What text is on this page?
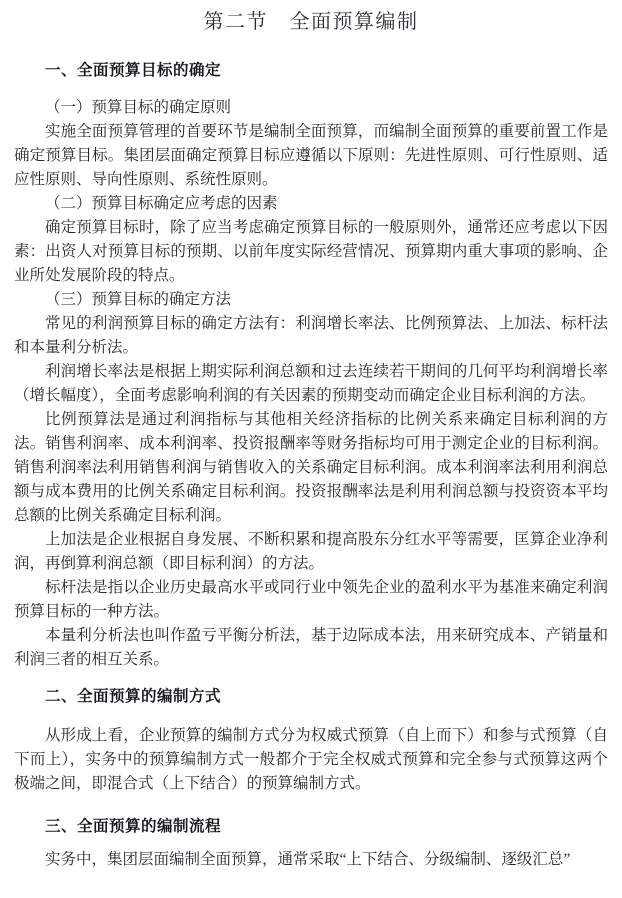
第二节　全面预算编制
一、全面预算目标的确定

（一）预算目标的确定原则

实施全面预算管理的首要环节是编制全面预算，而编制全面预算的重要前置工作是确定预算目标。集团层面确定预算目标应遵循以下原则：先进性原则、可行性原则、适应性原则、导向性原则、系统性原则。

（二）预算目标确定应考虑的因素

确定预算目标时，除了应当考虑确定预算目标的一般原则外，通常还应考虑以下因素：出资人对预算目标的预期、以前年度实际经营情况、预算期内重大事项的影响、企业所处发展阶段的特点。

（三）预算目标的确定方法

常见的利润预算目标的确定方法有：利润增长率法、比例预算法、上加法、标杆法和本量利分析法。

利润增长率法是根据上期实际利润总额和过去连续若干期间的几何平均利润增长率（增长幅度），全面考虑影响利润的有关因素的预期变动而确定企业目标利润的方法。

比例预算法是通过利润指标与其他相关经济指标的比例关系来确定目标利润的方法。销售利润率、成本利润率、投资报酬率等财务指标均可用于测定企业的目标利润。销售利润率法利用销售利润与销售收入的关系确定目标利润。成本利润率法利用利润总额与成本费用的比例关系确定目标利润。投资报酬率法是利用利润总额与投资资本平均总额的比例关系确定目标利润。

上加法是企业根据自身发展、不断积累和提高股东分红水平等需要，匡算企业净利润，再倒算利润总额（即目标利润）的方法。

标杆法是指以企业历史最高水平或同行业中领先企业的盈利水平为基准来确定利润预算目标的一种方法。

本量利分析法也叫作盈亏平衡分析法，基于边际成本法，用来研究成本、产销量和利润三者的相互关系。

二、全面预算的编制方式

从形成上看，企业预算的编制方式分为权威式预算（自上而下）和参与式预算（自下而上），实务中的预算编制方式一般都介于完全权威式预算和完全参与式预算这两个极端之间，即混合式（上下结合）的预算编制方式。

三、全面预算的编制流程

实务中，集团层面编制全面预算，通常采取“上下结合、分级编制、逐级汇总”
